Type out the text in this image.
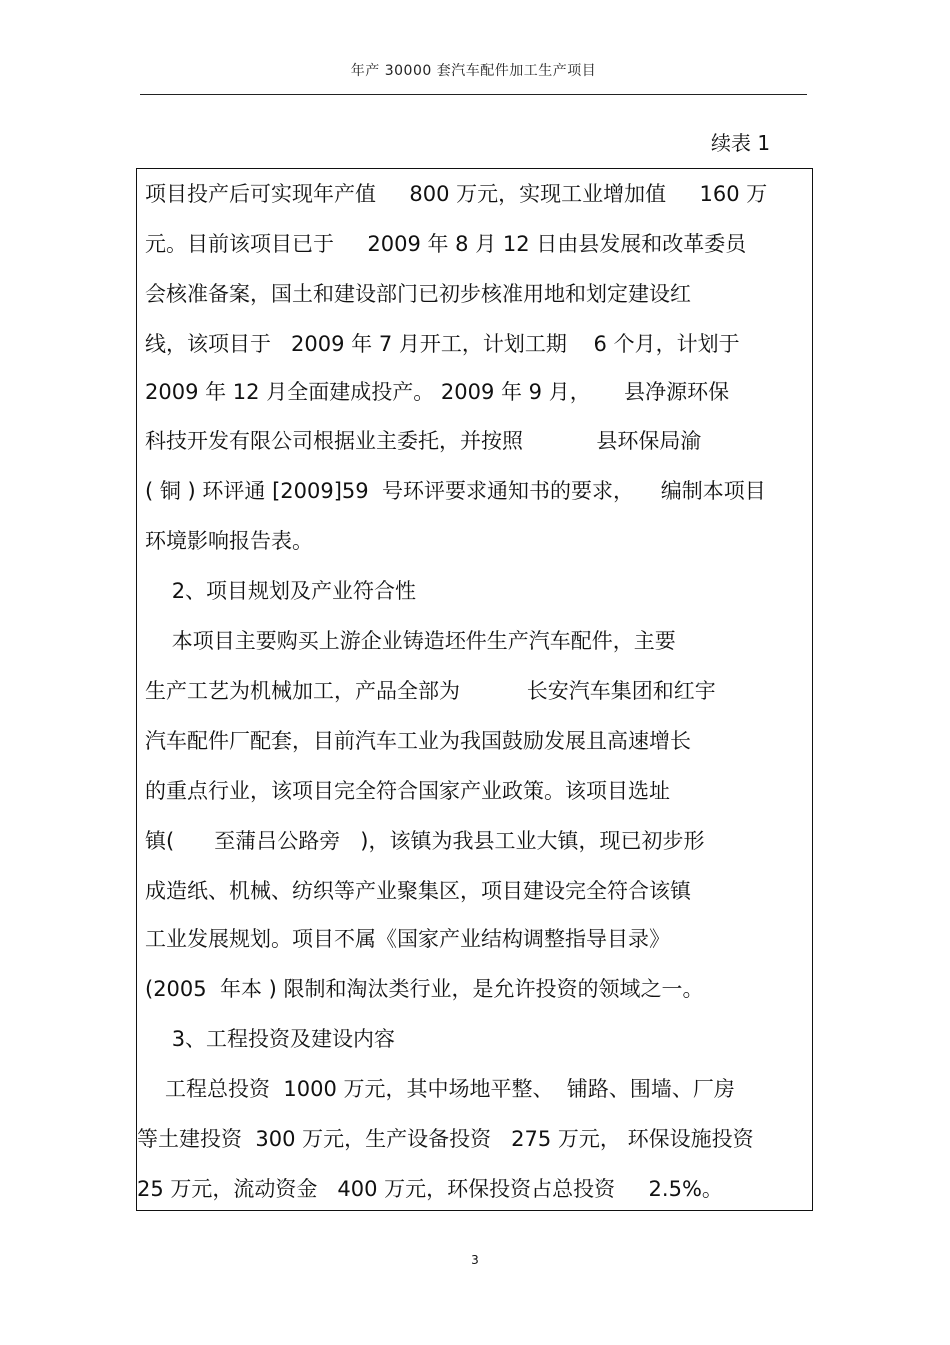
年产 30000 套汽车配件加工生产项目
续表 1
项目投产后可实现年产值     800 万元，实现工业增加值     160 万
元。目前该项目已于     2009 年 8 月 12 日由县发展和改革委员
会核准备案，国土和建设部门已初步核准用地和划定建设红
线，该项目于   2009 年 7 月开工，计划工期    6 个月，计划于
2009 年 12 月全面建成投产。 2009 年 9 月，     县净源环保
科技开发有限公司根据业主委托，并按照           县环保局渝
( 铜 ) 环评通 [2009]59  号环评要求通知书的要求，    编制本项目
环境影响报告表。
2、项目规划及产业符合性
本项目主要购买上游企业铸造坯件生产汽车配件，主要
生产工艺为机械加工，产品全部为          长安汽车集团和红宇
汽车配件厂配套，目前汽车工业为我国鼓励发展且高速增长
的重点行业，该项目完全符合国家产业政策。该项目选址
镇(      至蒲吕公路旁   )，该镇为我县工业大镇，现已初步形
成造纸、机械、纺织等产业聚集区，项目建设完全符合该镇
工业发展规划。项目不属《国家产业结构调整指导目录》
(2005  年本 ) 限制和淘汰类行业，是允许投资的领域之一。
3、工程投资及建设内容
工程总投资  1000 万元，其中场地平整、  铺路、围墙、厂房
等土建投资  300 万元，生产设备投资   275 万元， 环保设施投资
25 万元，流动资金   400 万元，环保投资占总投资     2.5%。
3
